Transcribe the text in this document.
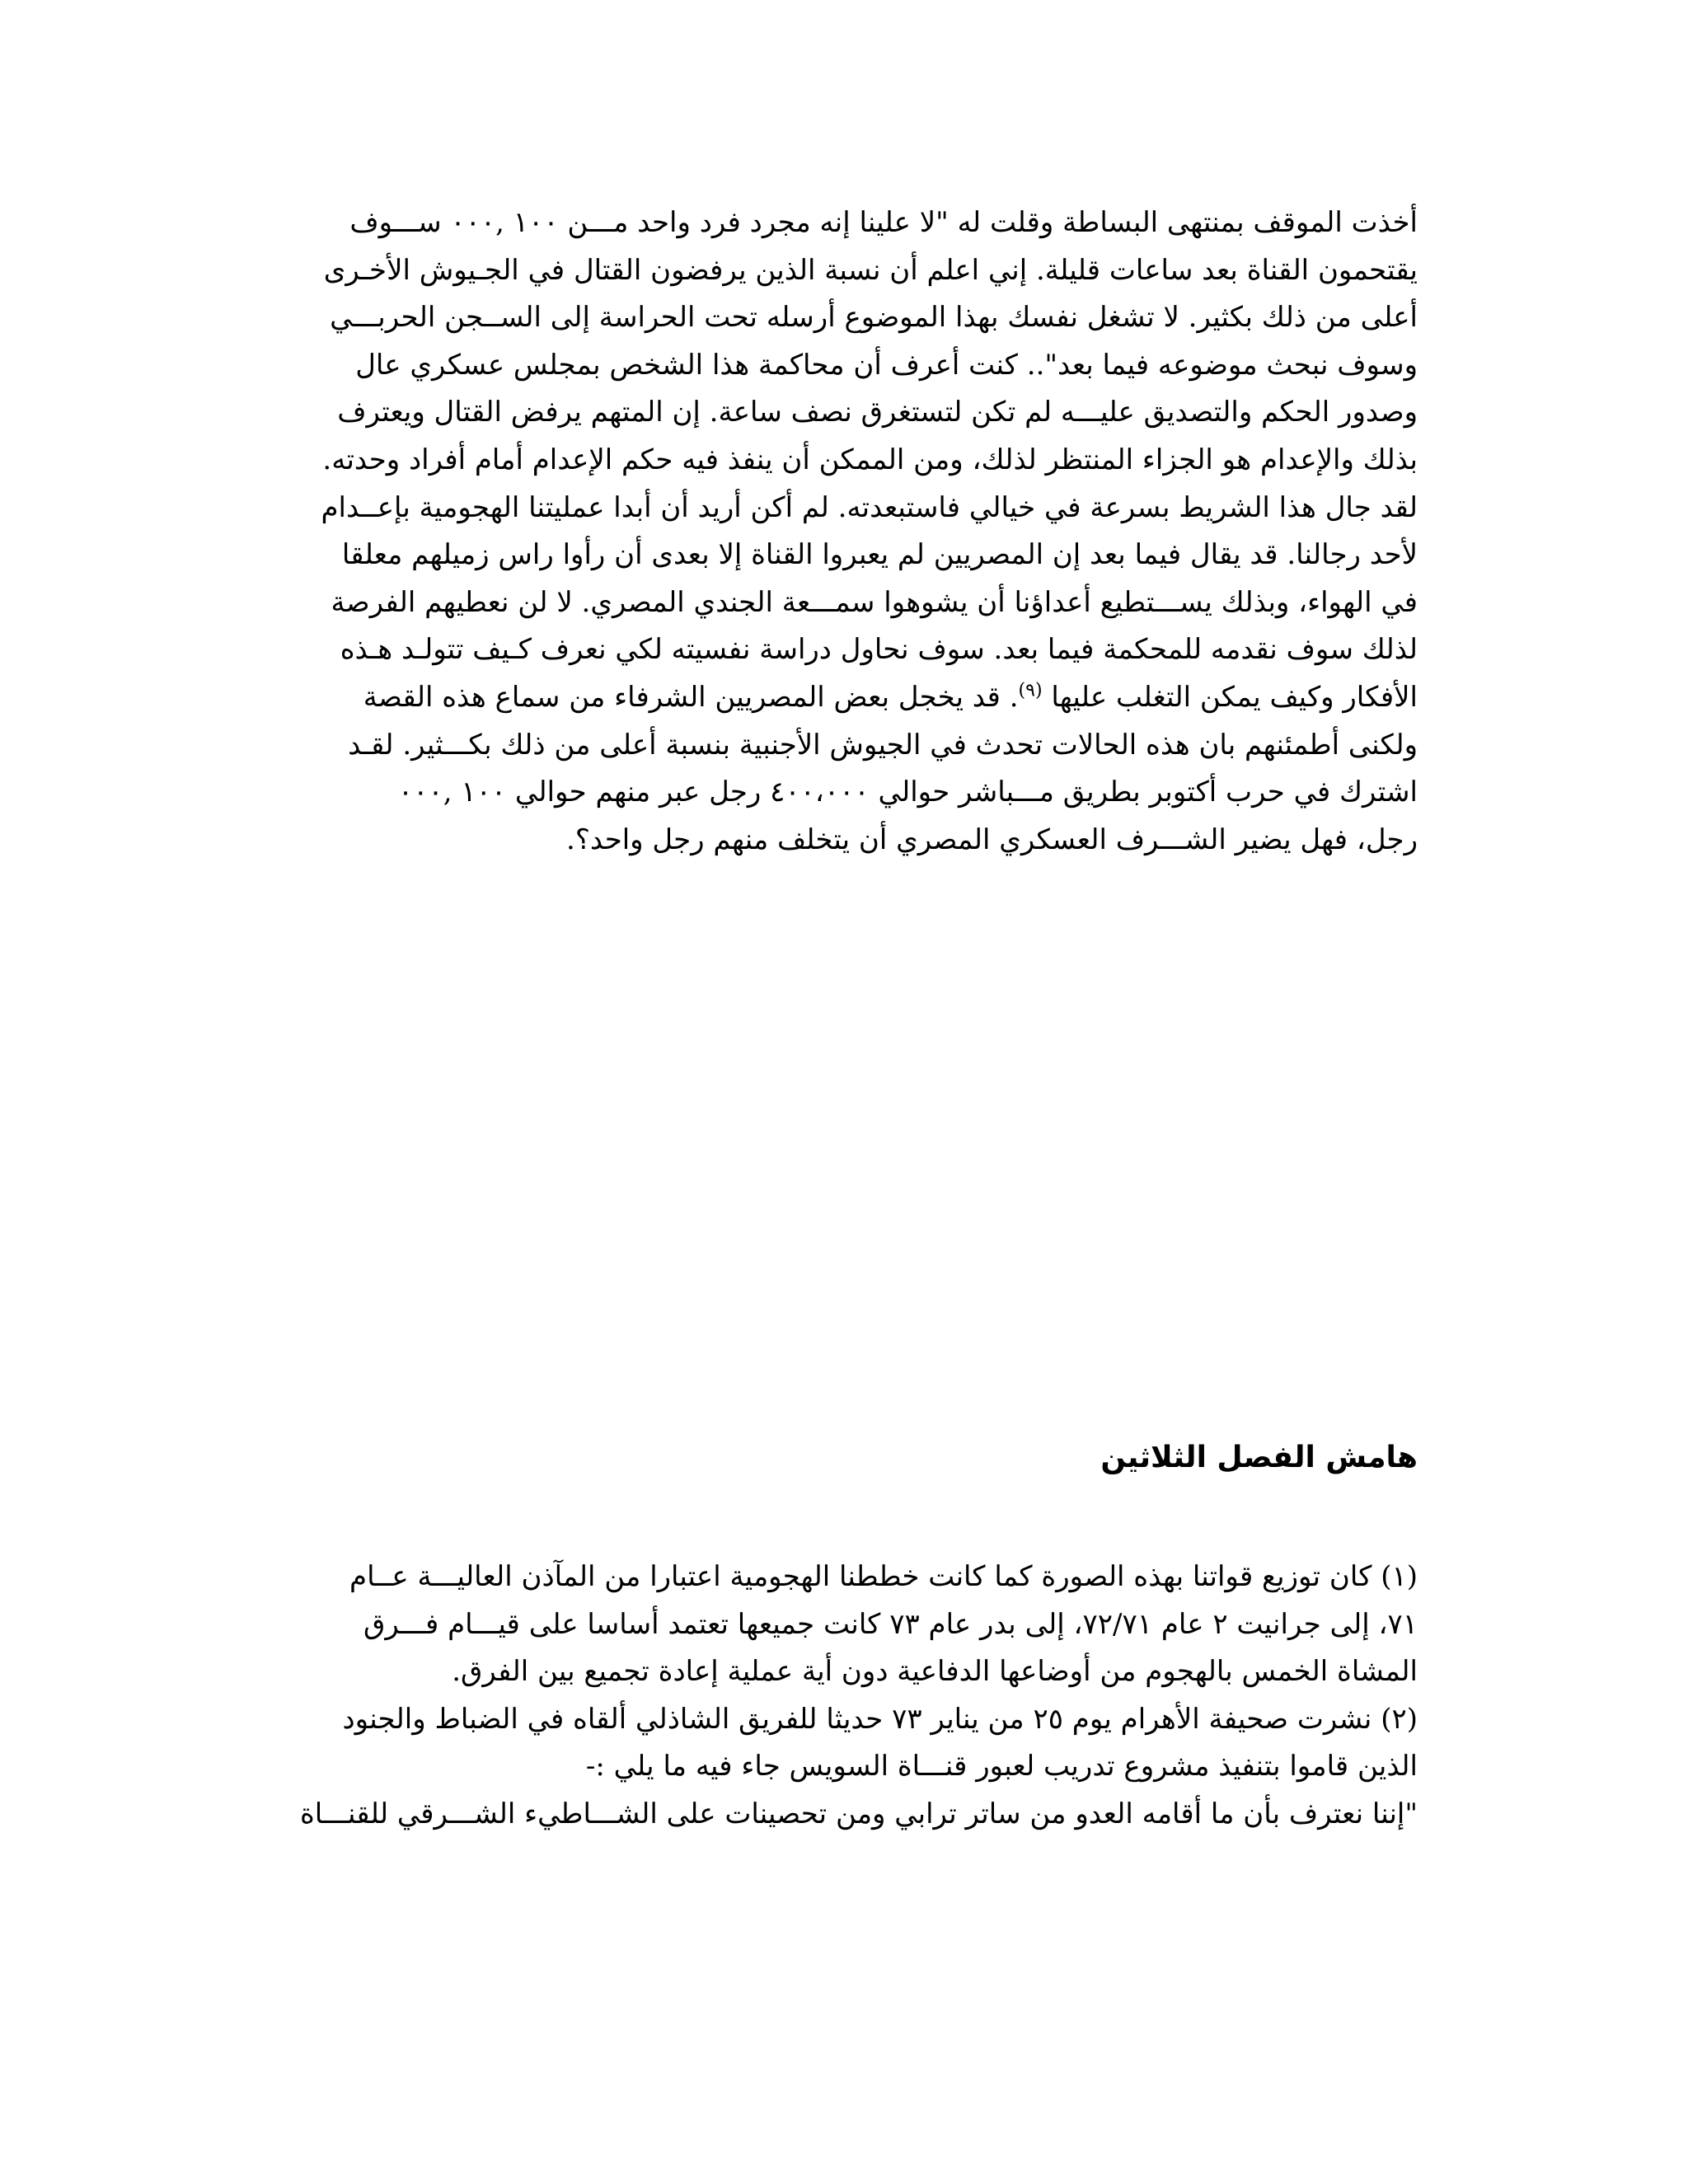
أخذت الموقف بمنتهى البساطة وقلت له "لا علينا إنه مجرد فرد واحد مـــن ١٠٠ ,٠٠٠ ســـوف
يقتحمون القناة بعد ساعات قليلة. إني اعلم أن نسبة الذين يرفضون القتال في الجـيوش الأخـرى
أعلى من ذلك بكثير. لا تشغل نفسك بهذا الموضوع أرسله تحت الحراسة إلى الســجن الحربـــي
وسوف نبحث موضوعه فيما بعد".. كنت أعرف أن محاكمة هذا الشخص بمجلس عسكري عال
وصدور الحكم والتصديق عليـــه لم تكن لتستغرق نصف ساعة. إن المتهم يرفض القتال ويعترف
بذلك والإعدام هو الجزاء المنتظر لذلك، ومن الممكن أن ينفذ فيه حكم الإعدام أمام أفراد وحدته.
لقد جال هذا الشريط بسرعة في خيالي فاستبعدته. لم أكن أريد أن أبدا عمليتنا الهجومية بإعــدام
لأحد رجالنا. قد يقال فيما بعد إن المصريين لم يعبروا القناة إلا بعدى أن رأوا راس زميلهم معلقا
في الهواء، وبذلك يســـتطيع أعداؤنا أن يشوهوا سمـــعة الجندي المصري. لا لن نعطيهم الفرصة
لذلك سوف نقدمه للمحكمة فيما بعد. سوف نحاول دراسة نفسيته لكي نعرف كـيف تتولـد هـذه
الأفكار وكيف يمكن التغلب عليها $^{(٩)}$. قد يخجل بعض المصريين الشرفاء من سماع هذه القصة
ولكنى أطمئنهم بان هذه الحالات تحدث في الجيوش الأجنبية بنسبة أعلى من ذلك بكـــثير. لقـد
اشترك في حرب أكتوبر بطريق مـــباشر حوالي ٤٠٠،٠٠٠ رجل عبر منهم حوالي ١٠٠ ,٠٠٠
رجل، فهل يضير الشـــرف العسكري المصري أن يتخلف منهم رجل واحد؟.
هامش الفصل الثلاثين
(١) كان توزيع قواتنا بهذه الصورة كما كانت خططنا الهجومية اعتبارا من المآذن العاليـــة عــام
٧١، إلى جرانيت ٢ عام ٧٢/٧١، إلى بدر عام ٧٣ كانت جميعها تعتمد أساسا على قيـــام فـــرق
المشاة الخمس بالهجوم من أوضاعها الدفاعية دون أية عملية إعادة تجميع بين الفرق.
(٢) نشرت صحيفة الأهرام يوم ٢٥ من يناير ٧٣ حديثا للفريق الشاذلي ألقاه في الضباط والجنود
الذين قاموا بتنفيذ مشروع تدريب لعبور قنـــاة السويس جاء فيه ما يلي :-
"إننا نعترف بأن ما أقامه العدو من ساتر ترابي ومن تحصينات على الشـــاطيء الشـــرقي للقنـــاة
